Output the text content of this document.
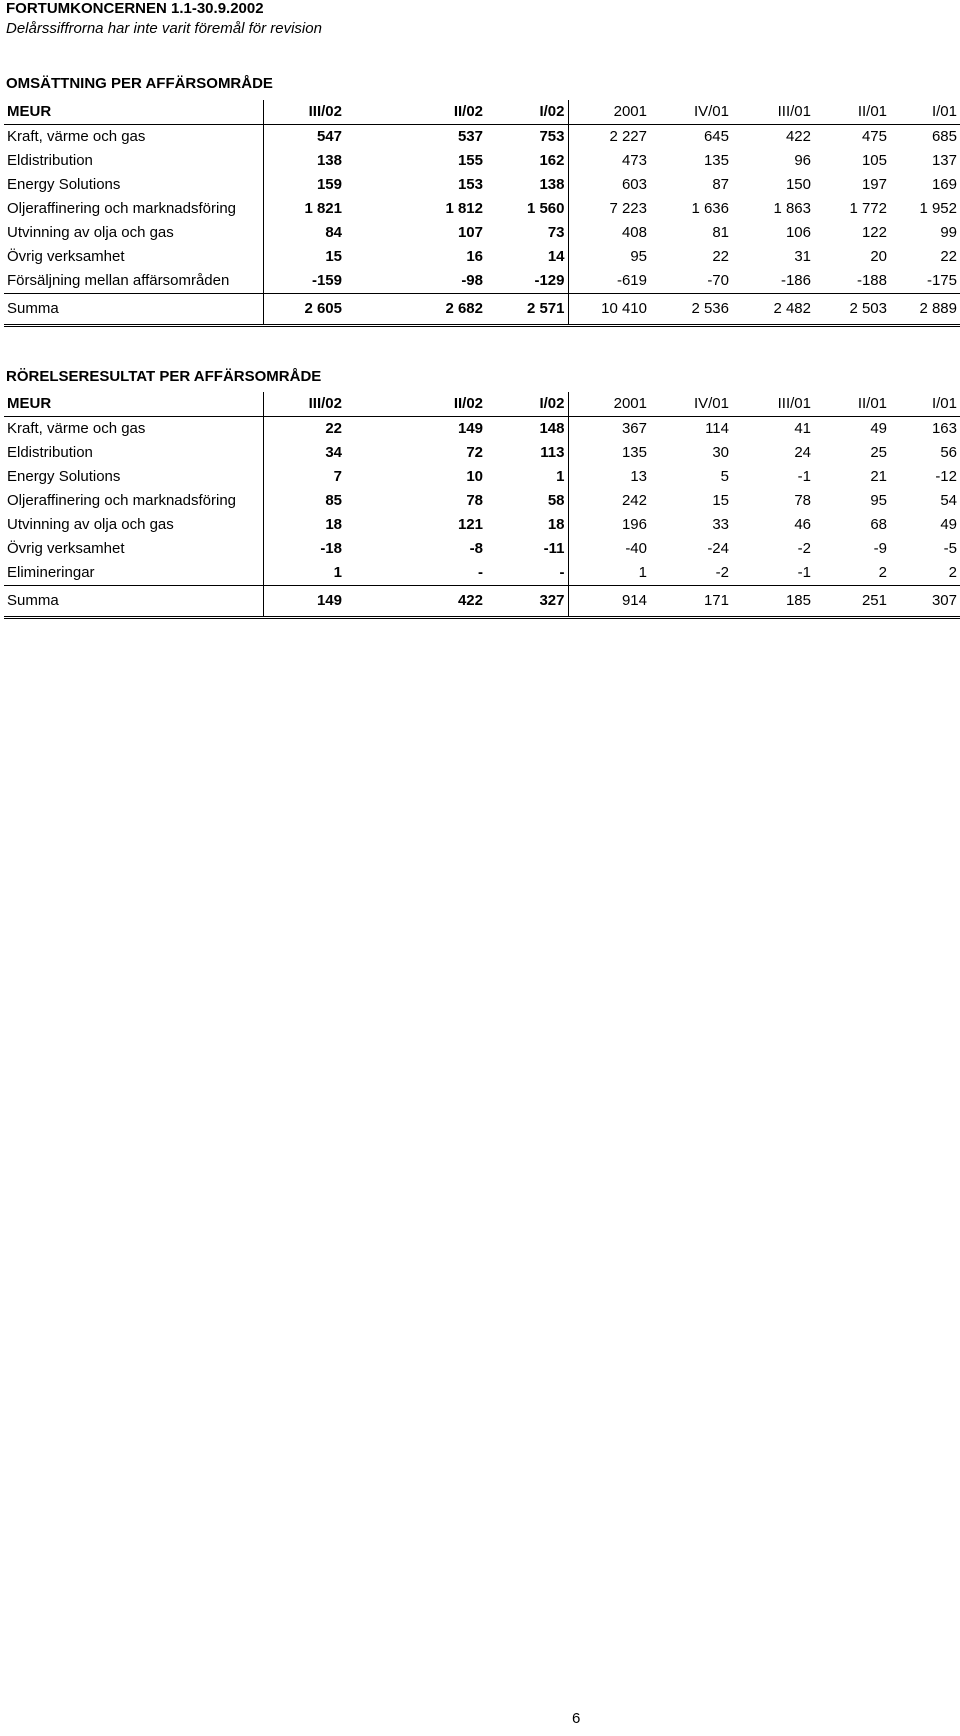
FORTUMKONCERNEN 1.1-30.9.2002
Delårssiffrorna har inte varit föremål för revision
OMSÄTTNING PER AFFÄRSOMRÅDE
MEUR	III/02	II/02	I/02	2001	IV/01	III/01	II/01	I/01
Kraft, värme och gas	547	537	753	2 227	645	422	475	685
Eldistribution	138	155	162	473	135	96	105	137
Energy Solutions	159	153	138	603	87	150	197	169
Oljeraffinering och marknadsföring	1 821	1 812	1 560	7 223	1 636	1 863	1 772	1 952
Utvinning av olja och gas	84	107	73	408	81	106	122	99
Övrig verksamhet	15	16	14	95	22	31	20	22
Försäljning mellan affärsområden	-159	-98	-129	-619	-70	-186	-188	-175
Summa	2 605	2 682	2 571	10 410	2 536	2 482	2 503	2 889
RÖRELSERESULTAT PER AFFÄRSOMRÅDE
MEUR	III/02	II/02	I/02	2001	IV/01	III/01	II/01	I/01
Kraft, värme och gas	22	149	148	367	114	41	49	163
Eldistribution	34	72	113	135	30	24	25	56
Energy Solutions	7	10	1	13	5	-1	21	-12
Oljeraffinering och marknadsföring	85	78	58	242	15	78	95	54
Utvinning av olja och gas	18	121	18	196	33	46	68	49
Övrig verksamhet	-18	-8	-11	-40	-24	-2	-9	-5
Elimineringar	1	-	-	1	-2	-1	2	2
Summa	149	422	327	914	171	185	251	307
6
